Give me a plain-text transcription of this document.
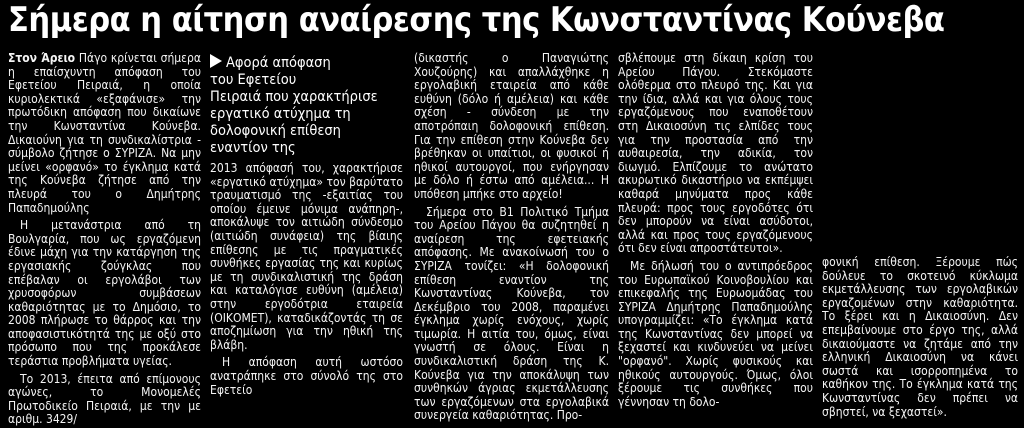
Σήμερα η αίτηση αναίρεσης της Κωνσταντίνας Κούνεβα
Αφορά απόφαση
του Εφετείου
Πειραιά που χαρακτήρισε εργατικό ατύχημα τη δολοφονική επίθεση εναντίον της

Στον Άρειο Πάγο κρίνεται σήμερα η επαίσχυντη απόφαση του Εφετείου Πειραιά, η οποία κυριολεκτικά «εξαφάνισε» την πρωτόδικη απόφαση που δικαίωνε την Κωνσταντίνα Κούνεβα. Δικαιούνη για τη συνδικαλίστρια - σύμβολο ζήτησε ο ΣΥΡΙΖΑ. Να μην μείνει «ορφανό» το έγκλημα κατά της Κούνεβα ζήτησε από την πλευρά του ο Δημήτρης Παπαδημούλης

Η μετανάστρια από τη Βουλγαρία, που ως εργαζόμενη έδινε μάχη για την κατάργηση της εργασιακής ζούγκλας που επέβαλαν οι εργολάβοι των χρυσοφόρων συμβάσεων καθαριότητας με το Δημόσιο, το 2008 πλήρωσε το θάρρος και την αποφασιστικότητά της με οξύ στο πρόσωπο που της προκάλεσε τεράστια προβλήματα υγείας.

Το 2013, έπειτα από επίμονους αγώνες, το Μονομελές Πρωτοδικείο Πειραιά, με την με αριθμ. 3429/

2013 απόφασή του, χαρακτήρισε «εργατικό ατύχημα» τον βαρύτατο τραυματισμό της -εξαιτίας του οποίου έμεινε μόνιμα ανάπηρη-, αποκάλυψε τον αιτιώδη σύνδεσμο (αιτιώδη συνάφεια) της βίαιης επίθεσης με τις πραγματικές συνθήκες εργασίας της και κυρίως με τη συνδικαλιστική της δράση και καταλόγισε ευθύνη (αμέλεια) στην εργοδότρια εταιρεία (ΟΙΚΟΜΕΤ), καταδικάζοντάς τη σε αποζημίωση για την ηθική της βλάβη.

Η απόφαση αυτή ωστόσο ανατράπηκε στο σύνολό της στο Εφετείο

(δικαστής ο Παναγιώτης Χουζούρης) και απαλλάχθηκε η εργολαβική εταιρεία από κάθε ευθύνη (δόλο ή αμέλεια) και κάθε σχέση - σύνδεση με την αποτρόπαιη δολοφονική επίθεση. Για την επίθεση στην Κούνεβα δεν βρέθηκαν οι υπαίτιοι, οι φυσικοί ή ηθικοί αυτουργοί, που ενήργησαν με δόλο ή έστω από αμέλεια... Η υπόθεση μπήκε στο αρχείο!

Σήμερα στο Β1 Πολιτικό Τμήμα του Αρείου Πάγου θα συζητηθεί η αναίρεση της εφετειακής απόφασης. Με ανακοίνωσή του ο ΣΥΡΙΖΑ τονίζει: «Η δολοφονική επίθεση εναντίον της Κωνσταντίνας Κούνεβα, τον Δεκέμβριο του 2008, παραμένει έγκλημα χωρίς ενόχους, χωρίς τιμωρία. Η αιτία του, όμως, είναι γνωστή σε όλους. Είναι η συνδικαλιστική δράση της Κ. Κούνεβα για την αποκάλυψη των συνθηκών άγριας εκμετάλλευσης των εργαζόμενων στα εργολαβικά συνεργεία καθαριότητας. Προ-

σβλέπουμε στη δίκαιη κρίση του Αρείου Πάγου. Στεκόμαστε ολόθερμα στο πλευρό της. Και για την ίδια, αλλά και για όλους τους εργαζόμενους που εναποθέτουν στη Δικαιοσύνη τις ελπίδες τους για την προστασία από την αυθαιρεσία, την αδικία, τον διωγμό. Ελπίζουμε το ανώτατο ακυρωτικό δικαστήριο να εκπέμψει καθαρά μηνύματα προς κάθε πλευρά: προς τους εργοδότες ότι δεν μπορούν να είναι ασύδοτοι, αλλά και προς τους εργαζόμενους ότι δεν είναι απροστάτευτοι».

Με δήλωσή του ο αντιπρόεδρος του Ευρωπαϊκού Κοινοβουλίου και επικεφαλής της Ευρωομάδας του ΣΥΡΙΖΑ Δημήτρης Παπαδημούλης υπογραμμίζει: «Το έγκλημα κατά της Κωνσταντίνας δεν μπορεί να ξεχαστεί και κινδυνεύει να μείνει "ορφανό". Χωρίς φυσικούς και ηθικούς αυτουργούς. Όμως, όλοι ξέρουμε τις συνθήκες που γέννησαν τη δολο-

φονική επίθεση. Ξέρουμε πώς δούλευε το σκοτεινό κύκλωμα εκμετάλλευσης των εργολαβικών εργαζομένων στην καθαριότητα. Το ξέρει και η Δικαιοσύνη. Δεν επεμβαίνουμε στο έργο της, αλλά δικαιούμαστε να ζητάμε από την ελληνική Δικαιοσύνη να κάνει σωστά και ισορροπημένα το καθήκον της. Το έγκλημα κατά της Κωνσταντίνας δεν πρέπει να σβηστεί, να ξεχαστεί».
